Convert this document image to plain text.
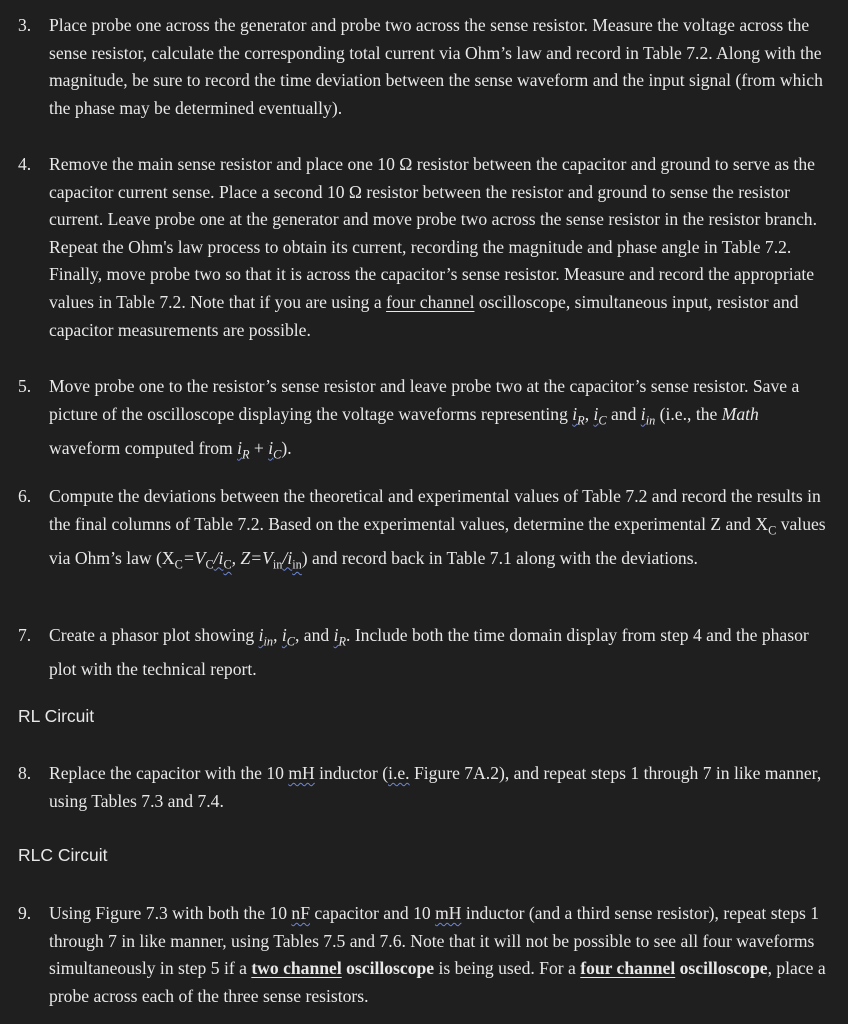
3. Place probe one across the generator and probe two across the sense resistor. Measure the voltage across the sense resistor, calculate the corresponding total current via Ohm’s law and record in Table 7.2. Along with the magnitude, be sure to record the time deviation between the sense waveform and the input signal (from which the phase may be determined eventually).
4. Remove the main sense resistor and place one 10 Ω resistor between the capacitor and ground to serve as the capacitor current sense. Place a second 10 Ω resistor between the resistor and ground to sense the resistor current. Leave probe one at the generator and move probe two across the sense resistor in the resistor branch. Repeat the Ohm's law process to obtain its current, recording the magnitude and phase angle in Table 7.2. Finally, move probe two so that it is across the capacitor’s sense resistor. Measure and record the appropriate values in Table 7.2. Note that if you are using a four channel oscilloscope, simultaneous input, resistor and capacitor measurements are possible.
5. Move probe one to the resistor’s sense resistor and leave probe two at the capacitor’s sense resistor. Save a picture of the oscilloscope displaying the voltage waveforms representing $i_R$, $i_C$ and $i_{in}$ (i.e., the Math waveform computed from $i_R + i_C$).
6. Compute the deviations between the theoretical and experimental values of Table 7.2 and record the results in the final columns of Table 7.2. Based on the experimental values, determine the experimental Z and $X_C$ values via Ohm’s law ($X_C=V_C/i_C$, $Z=V_{in}/i_{in}$) and record back in Table 7.1 along with the deviations.
7. Create a phasor plot showing $i_{in}$, $i_C$, and $i_R$. Include both the time domain display from step 4 and the phasor plot with the technical report.
RL Circuit
8. Replace the capacitor with the 10 mH inductor (i.e. Figure 7A.2), and repeat steps 1 through 7 in like manner, using Tables 7.3 and 7.4.
RLC Circuit
9. Using Figure 7.3 with both the 10 nF capacitor and 10 mH inductor (and a third sense resistor), repeat steps 1 through 7 in like manner, using Tables 7.5 and 7.6. Note that it will not be possible to see all four waveforms simultaneously in step 5 if a two channel oscilloscope is being used. For a four channel oscilloscope, place a probe across each of the three sense resistors.
